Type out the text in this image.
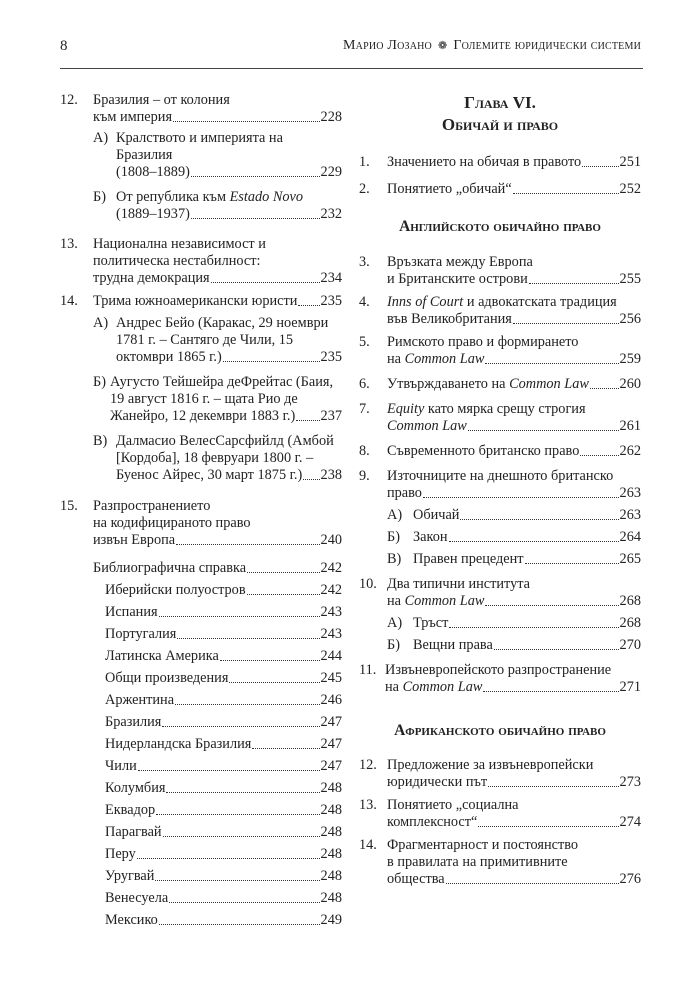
8	Марио Лозано ❁ Големите юридически системи
12.	Бразилия – от колония
към империя	228
А) Кралството и империята на Бразилия
(1808–1889)	229
Б) От република към Estado Novo
(1889–1937)	232
13.	Национална независимост и
политическа нестабилност:
трудна демокрация	234
14.	Трима южноамерикански юристи 235
А) Андрес Бейо (Каракас, 29 ноември
1781 г. – Сантяго де Чили, 15
октомври 1865 г.)	235
Б) Аугусто Тейшейра деФрейтас (Баия,
19 август 1816 г. – щата Рио де
Жанейро, 12 декември 1883 г.) 237
В) Далмасио ВелесСарсфийлд (Амбой
[Кордоба], 18 февруари 1800 г. –
Буенос Айрес, 30 март 1875 г.) 238
15.	Разпространението
на кодифицираното право
извън Европа	240
Библиографична справка	242
Иберийски полуостров	242
Испания	243
Португалия	243
Латинска Америка	244
Общи произведения	245
Аржентина	246
Бразилия	247
Нидерландска Бразилия	247
Чили	247
Колумбия	248
Еквадор	248
Парагвай	248
Перу	248
Уругвай	248
Венесуела	248
Мексико	249
Глава VI.
Обичай и право
1.	Значението на обичая в правото	251
2.	Понятието „обичай“	252
Английското обичайно право
3.	Връзката между Европа
и Британските острови	255
4.	Inns of Court и адвокатската традиция
във Великобритания	256
5.	Римското право и формирането
на Common Law	259
6.	Утвърждаването на Common Law 260
7.	Equity като мярка срещу строгия
Common Law	261
8.	Съвременното британско право	262
9.	Източниците на днешното британско
право	263
А) Обичай	263
Б) Закон	264
В) Правен прецедент	265
10. Два типични института
на Common Law	268
А) Тръст	268
Б) Вещни права	270
11. Извъневропейското разпространение
на Common Law	271
Африканското обичайно право
12. Предложение за извъневропейски
юридически път	273
13. Понятието „социална
комплексност“	274
14. Фрагментарност и постоянство
в правилата на примитивните
общества	276
